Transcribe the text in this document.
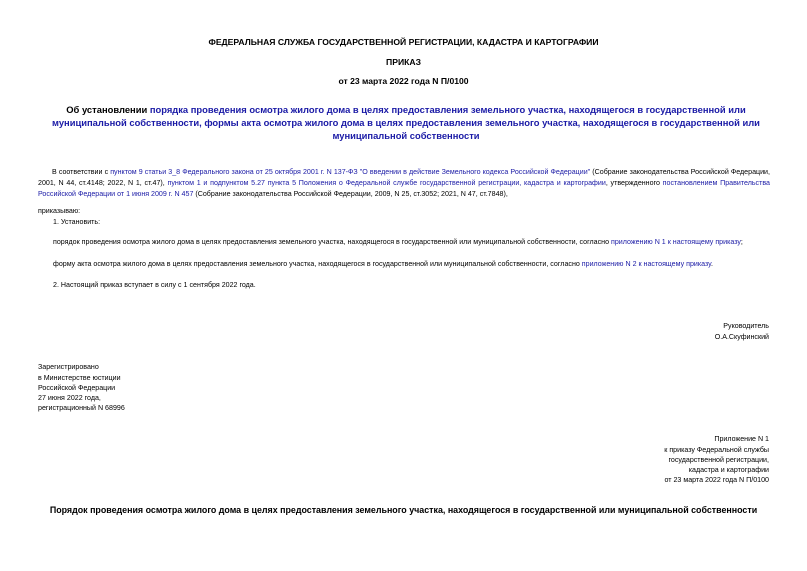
ФЕДЕРАЛЬНАЯ СЛУЖБА ГОСУДАРСТВЕННОЙ РЕГИСТРАЦИИ, КАДАСТРА И КАРТОГРАФИИ
ПРИКАЗ
от 23 марта 2022 года N П/0100
Об установлении порядка проведения осмотра жилого дома в целях предоставления земельного участка, находящегося в государственной или муниципальной собственности, формы акта осмотра жилого дома в целях предоставления земельного участка, находящегося в государственной или муниципальной собственности
В соответствии с пунктом 9 статьи 3_8 Федерального закона от 25 октября 2001 г. N 137-ФЗ "О введении в действие Земельного кодекса Российской Федерации" (Собрание законодательства Российской Федерации, 2001, N 44, ст.4148; 2022, N 1, ст.47), пунктом 1 и подпунктом 5.27 пункта 5 Положения о Федеральной службе государственной регистрации, кадастра и картографии, утвержденного постановлением Правительства Российской Федерации от 1 июня 2009 г. N 457 (Собрание законодательства Российской Федерации, 2009, N 25, ст.3052; 2021, N 47, ст.7848),
приказываю:
1. Установить:
порядок проведения осмотра жилого дома в целях предоставления земельного участка, находящегося в государственной или муниципальной собственности, согласно приложению N 1 к настоящему приказу;
форму акта осмотра жилого дома в целях предоставления земельного участка, находящегося в государственной или муниципальной собственности, согласно приложению N 2 к настоящему приказу.
2. Настоящий приказ вступает в силу с 1 сентября 2022 года.
Руководитель
О.А.Скуфинский
Зарегистрировано
в Министерстве юстиции
Российской Федерации
27 июня 2022 года,
регистрационный N 68996
Приложение N 1
к приказу Федеральной службы
государственной регистрации,
кадастра и картографии
от 23 марта 2022 года N П/0100
Порядок проведения осмотра жилого дома в целях предоставления земельного участка, находящегося в государственной или муниципальной собственности
